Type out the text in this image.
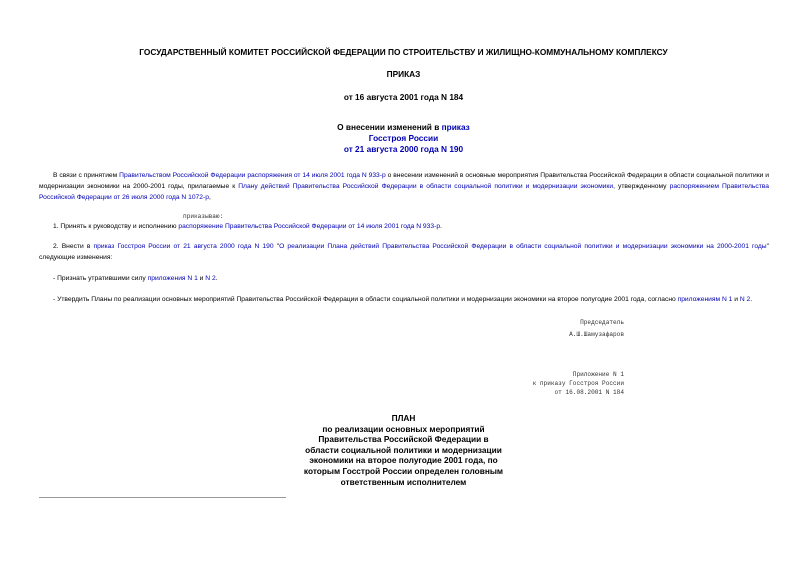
ГОСУДАРСТВЕННЫЙ КОМИТЕТ РОССИЙСКОЙ ФЕДЕРАЦИИ ПО СТРОИТЕЛЬСТВУ И ЖИЛИЩНО-КОММУНАЛЬНОМУ КОМПЛЕКСУ
ПРИКАЗ
от 16 августа 2001 года N 184
О внесении изменений в приказ
Госстроя России
от 21 августа 2000 года N 190
В связи с принятием Правительством Российской Федерации распоряжения от 14 июля 2001 года N 933-р о внесении изменений в основные мероприятия Правительства Российской Федерации в области социальной политики и модернизации экономики на 2000-2001 годы, прилагаемые к Плану действий Правительства Российской Федерации в области социальной политики и модернизации экономики, утвержденному распоряжением Правительства Российской Федерации от 26 июля 2000 года N 1072-р,
приказываю:
1. Принять к руководству и исполнению распоряжение Правительства Российской Федерации от 14 июля 2001 года N 933-р.
2. Внести в приказ Госстроя России от 21 августа 2000 года N 190 "О реализации Плана действий Правительства Российской Федерации в области социальной политики и модернизации экономики на 2000-2001 годы" следующие изменения:
- Признать утратившими силу приложения N 1 и N 2.
- Утвердить Планы по реализации основных мероприятий Правительства Российской Федерации в области социальной политики и модернизации экономики на второе полугодие 2001 года, согласно приложениям N 1 и N 2.
Председатель
А.Ш.Шамузафаров
Приложение N 1
к приказу Госстроя России
от 16.08.2001 N 184
ПЛАН
по реализации основных мероприятий
Правительства Российской Федерации в
области социальной политики и модернизации
экономики на второе полугодие 2001 года, по
которым Госстрой России определен головным
ответственным исполнителем
